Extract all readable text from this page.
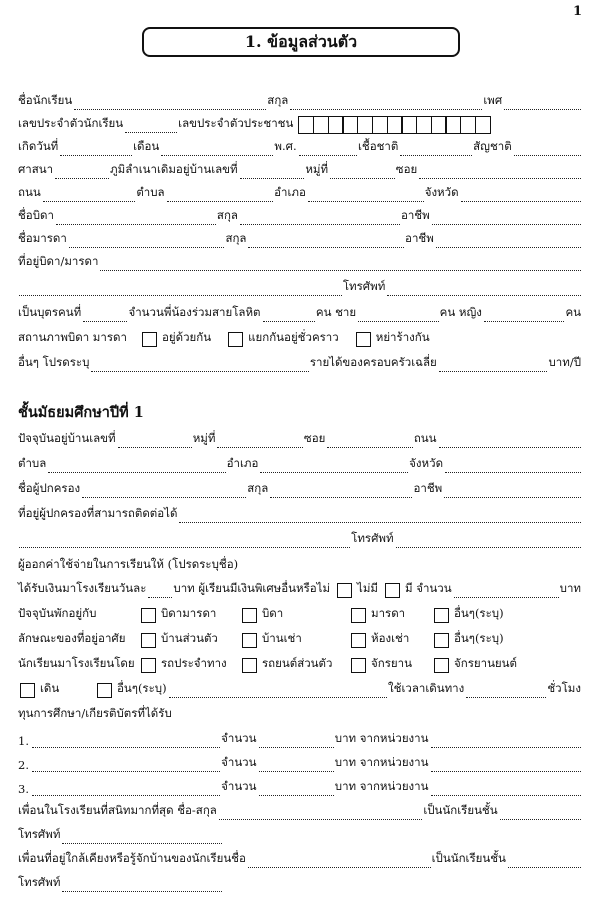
1
1. ข้อมูลส่วนตัว
ชื่อนักเรียน	สกุล	เพศ
เลขประจำตัวนักเรียน	เลขประจำตัวประชาชน
เกิดวันที่	เดือน	พ.ศ.	เชื้อชาติ	สัญชาติ
ศาสนา	ภูมิลำเนาเดิมอยู่บ้านเลขที่	หมู่ที่	ซอย
ถนน	ตำบล	อำเภอ	จังหวัด
ชื่อบิดา	สกุล	อาชีพ
ชื่อมารดา	สกุล	อาชีพ
ที่อยู่บิดา/มารดา
โทรศัพท์
เป็นบุตรคนที่	จำนวนพี่น้องร่วมสายโลหิต	คน ชาย	คน หญิง	คน
สถานภาพบิดา มารดา	อยู่ด้วยกัน	แยกกันอยู่ชั่วคราว	หย่าร้างกัน
อื่นๆ โปรดระบุ	รายได้ของครอบครัวเฉลี่ย	บาท/ปี
ชั้นมัธยมศึกษาปีที่ 1
ปัจจุบันอยู่บ้านเลขที่	หมู่ที่	ซอย	ถนน
ตำบล	อำเภอ	จังหวัด
ชื่อผู้ปกครอง	สกุล	อาชีพ
ที่อยู่ผู้ปกครองที่สามารถติดต่อได้
โทรศัพท์
ผู้ออกค่าใช้จ่ายในการเรียนให้ (โปรดระบุชื่อ)
ได้รับเงินมาโรงเรียนวันละ บาท ผู้เรียนมีเงินพิเศษอื่นหรือไม่ ไม่มี มี จำนวน	บาท
ปัจจุบันพักอยู่กับ	บิดามารดา	บิดา	มารดา	อื่นๆ(ระบุ)
ลักษณะของที่อยู่อาศัย	บ้านส่วนตัว	บ้านเช่า	ห้องเช่า	อื่นๆ(ระบุ)
นักเรียนมาโรงเรียนโดย	รถประจำทาง	รถยนต์ส่วนตัว	จักรยาน	จักรยานยนต์
เดิน	อื่นๆ(ระบุ)	ใช้เวลาเดินทาง	ชั่วโมง
ทุนการศึกษา/เกียรติบัตรที่ได้รับ
1.	จำนวน	บาท จากหน่วยงาน
2.	จำนวน	บาท จากหน่วยงาน
3.	จำนวน	บาท จากหน่วยงาน
เพื่อนในโรงเรียนที่สนิทมากที่สุด ชื่อ-สกุล	เป็นนักเรียนชั้น
โทรศัพท์
เพื่อนที่อยู่ใกล้เคียงหรือรู้จักบ้านของนักเรียนชื่อ	เป็นนักเรียนชั้น
โทรศัพท์
